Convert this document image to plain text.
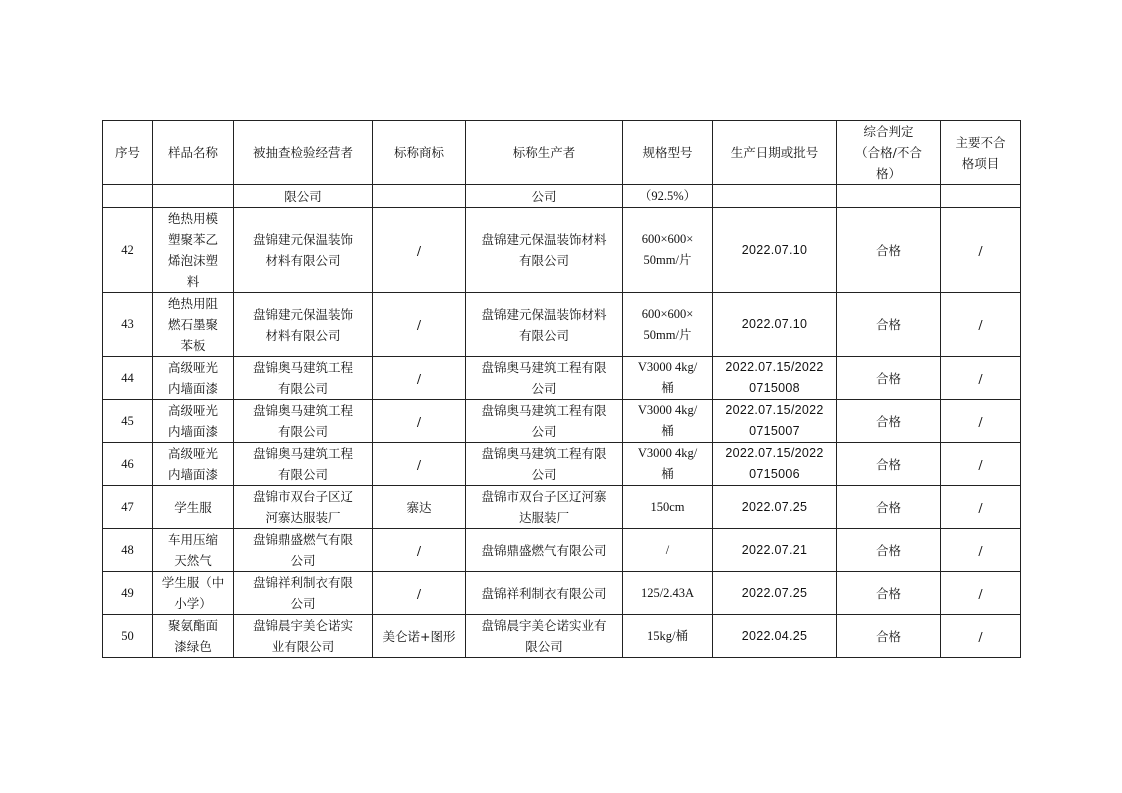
序号	样品名称	被抽查检验经营者	标称商标	标称生产者	规格型号	生产日期或批号	综合判定
（合格/不合
格）	主要不合
格项目

		限公司		公司	（92.5%）			

42	绝热用模
塑聚苯乙
烯泡沫塑
料	盘锦建元保温装饰
材料有限公司	/	盘锦建元保温装饰材料
有限公司	600×600×
50mm/片	2022.07.10	合格	/

43	绝热用阻
燃石墨聚
苯板	盘锦建元保温装饰
材料有限公司	/	盘锦建元保温装饰材料
有限公司	600×600×
50mm/片	2022.07.10	合格	/

44	高级哑光
内墙面漆	盘锦奥马建筑工程
有限公司	/	盘锦奥马建筑工程有限
公司	V3000 4kg/
桶	2022.07.15/2022
0715008	合格	/

45	高级哑光
内墙面漆	盘锦奥马建筑工程
有限公司	/	盘锦奥马建筑工程有限
公司	V3000 4kg/
桶	2022.07.15/2022
0715007	合格	/

46	高级哑光
内墙面漆	盘锦奥马建筑工程
有限公司	/	盘锦奥马建筑工程有限
公司	V3000 4kg/
桶	2022.07.15/2022
0715006	合格	/

47	学生服	盘锦市双台子区辽
河寨达服装厂	寨达	盘锦市双台子区辽河寨
达服装厂	150cm	2022.07.25	合格	/

48	车用压缩
天然气	盘锦鼎盛燃气有限
公司	/	盘锦鼎盛燃气有限公司	/	2022.07.21	合格	/

49	学生服（中
小学）	盘锦祥利制衣有限
公司	/	盘锦祥利制衣有限公司	125/2.43A	2022.07.25	合格	/

50	聚氨酯面
漆绿色	盘锦晨宇美仑诺实
业有限公司	美仑诺+图形	盘锦晨宇美仑诺实业有
限公司	15kg/桶	2022.04.25	合格	/
